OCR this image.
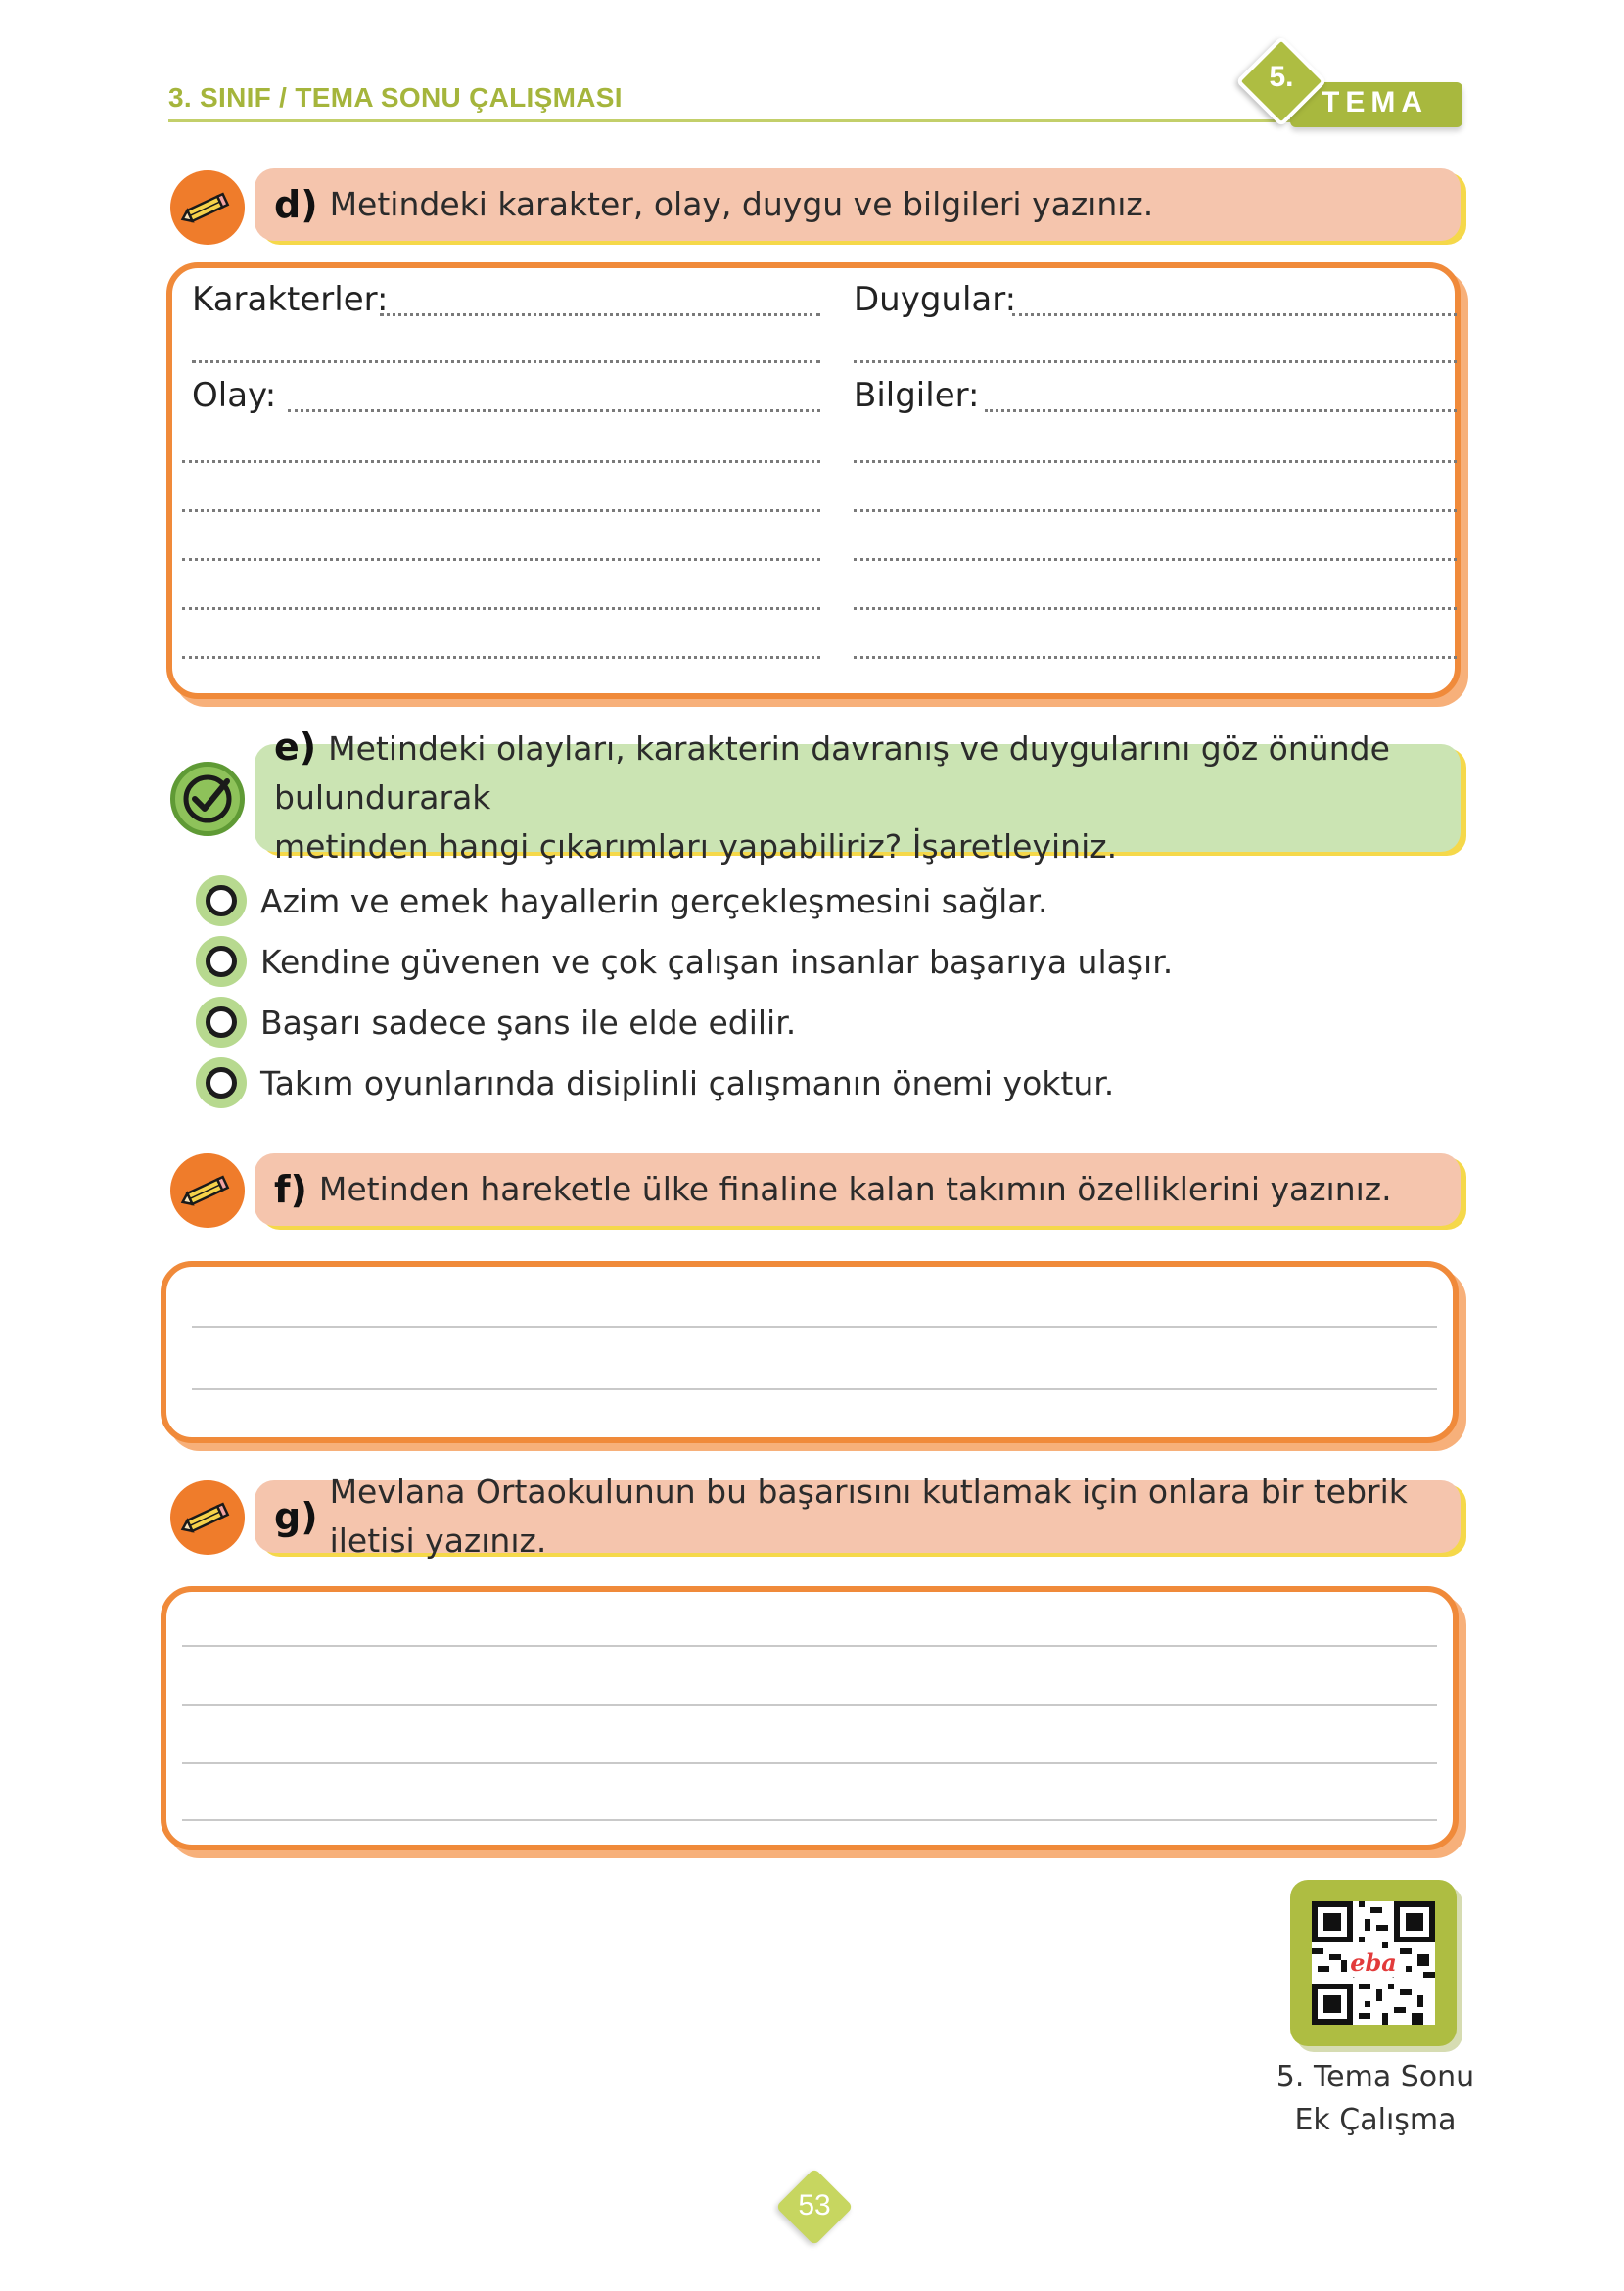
3. SINIF / TEMA SONU ÇALIŞMASI	TEMA
5.
d) Metindeki karakter, olay, duygu ve bilgileri yazınız.
Karakterler:
Olay:
Duygular:
Bilgiler:
e) Metindeki olayları, karakterin davranış ve duygularını göz önünde bulundurarak
metinden hangi çıkarımları yapabiliriz? İşaretleyiniz.
Azim ve emek hayallerin gerçekleşmesini sağlar.
Kendine güvenen ve çok çalışan insanlar başarıya ulaşır.
Başarı sadece şans ile elde edilir.
Takım oyunlarında disiplinli çalışmanın önemi yoktur.
f) Metinden hareketle ülke finaline kalan takımın özelliklerini yazınız.
g)
Mevlana Ortaokulunun bu başarısını kutlamak için onlara bir tebrik iletisi yazınız.
eba
5. Tema Sonu
Ek Çalışma
53
